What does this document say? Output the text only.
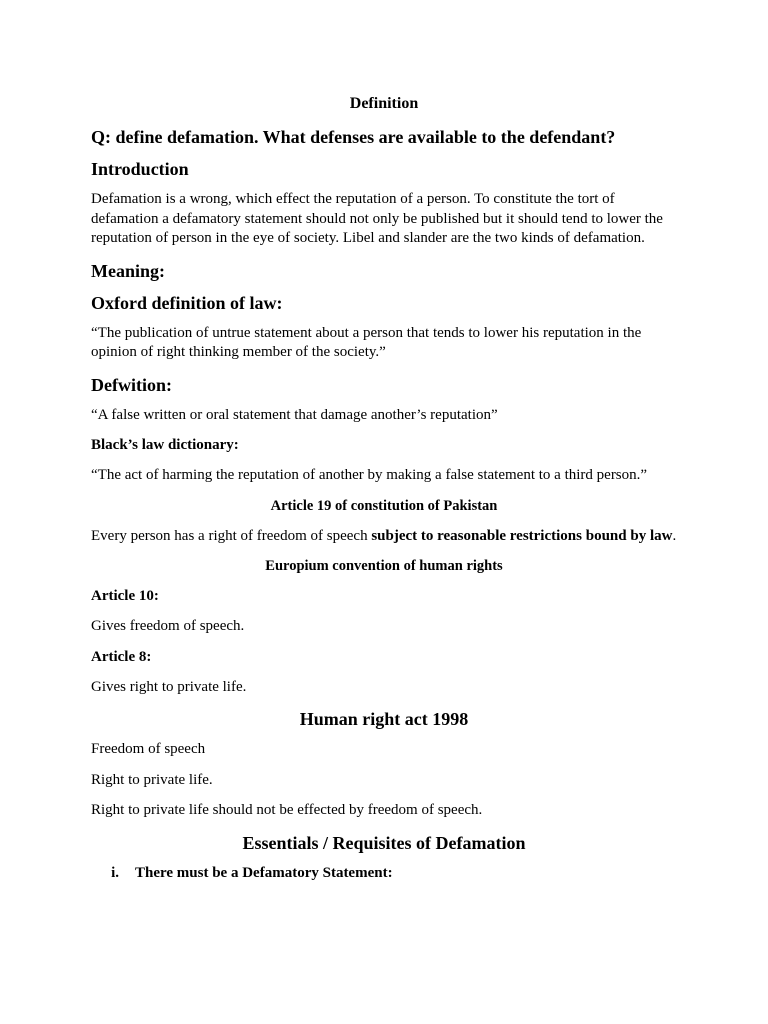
Definition

Q: define defamation. What defenses are available to the defendant?

Introduction

Defamation is a wrong, which effect the reputation of a person. To constitute the tort of defamation a defamatory statement should not only be published but it should tend to lower the reputation of person in the eye of society. Libel and slander are the two kinds of defamation.

Meaning:

Oxford definition of law:

“The publication of untrue statement about a person that tends to lower his reputation in the opinion of right thinking member of the society.”

Defwition:

“A false written or oral statement that damage another’s reputation”

Black’s law dictionary:

“The act of harming the reputation of another by making a false statement to a third person.”

Article 19 of constitution of Pakistan

Every person has a right of freedom of speech subject to reasonable restrictions bound by law.

Europium convention of human rights

Article 10:

Gives freedom of speech.

Article 8:

Gives right to private life.

Human right act 1998

Freedom of speech

Right to private life.

Right to private life should not be effected by freedom of speech.

Essentials / Requisites of Defamation

i.	There must be a Defamatory Statement:
